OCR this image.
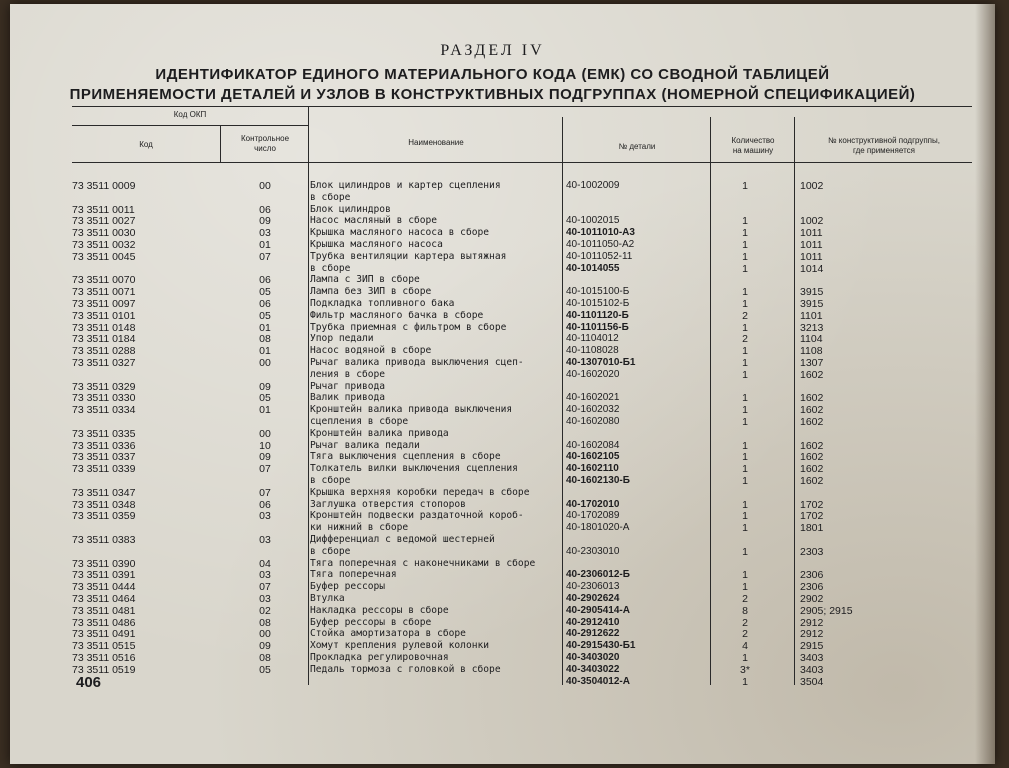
РАЗДЕЛ IV
ИДЕНТИФИКАТОР ЕДИНОГО МАТЕРИАЛЬНОГО КОДА (ЕМК) СО СВОДНОЙ ТАБЛИЦЕЙ
ПРИМЕНЯЕМОСТИ ДЕТАЛЕЙ И УЗЛОВ В КОНСТРУКТИВНЫХ ПОДГРУППАХ (НОМЕРНОЙ СПЕЦИФИКАЦИЕЙ)
Код ОКП
Код
Контрольное
число
Наименование	№ детали
Количество
на машину
№ конструктивной подгруппы,
где применяется
73 3511 0009	00	Блок цилиндров и картер сцепления	40-1002009	1	1002
в сборе
73 3511 0011	06	Блок цилиндров
73 3511 0027	09	Насос масляный в сборе	40-1002015	1	1002
73 3511 0030	03	Крышка масляного насоса в сборе	40-1011010-А3	1	1011
73 3511 0032	01	Крышка масляного насоса	40-1011050-А2	1	1011
73 3511 0045	07	Трубка вентиляции картера вытяжная	40-1011052-11	1	1011
в сборе	40-1014055	1	1014
73 3511 0070	06	Лампа с ЗИП в сборе
73 3511 0071	05	Лампа без ЗИП в сборе	40-1015100-Б	1	3915
73 3511 0097	06	Подкладка топливного бака	40-1015102-Б	1	3915
73 3511 0101	05	Фильтр масляного бачка в сборе	40-1101120-Б	2	1101
73 3511 0148	01	Трубка приемная с фильтром в сборе	40-1101156-Б	1	3213
73 3511 0184	08	Упор педали	40-1104012	2	1104
73 3511 0288	01	Насос водяной в сборе	40-1108028	1	1108
73 3511 0327	00	Рычаг валика привода выключения сцеп-	40-1307010-Б1	1	1307
ления в сборе	40-1602020	1	1602
73 3511 0329	09	Рычаг привода
73 3511 0330	05	Валик привода	40-1602021	1	1602
73 3511 0334	01	Кронштейн валика привода выключения	40-1602032	1	1602
сцепления в сборе	40-1602080	1	1602
73 3511 0335	00	Кронштейн валика привода
73 3511 0336	10	Рычаг валика педали	40-1602084	1	1602
73 3511 0337	09	Тяга выключения сцепления в сборе	40-1602105	1	1602
73 3511 0339	07	Толкатель вилки выключения сцепления	40-1602110	1	1602
в сборе	40-1602130-Б	1	1602
73 3511 0347	07	Крышка верхняя коробки передач в сборе
73 3511 0348	06	Заглушка отверстия стопоров	40-1702010	1	1702
73 3511 0359	03	Кронштейн подвески раздаточной короб-	40-1702089	1	1702
ки нижний в сборе	40-1801020-А	1	1801
73 3511 0383	03	Дифференциал с ведомой шестерней
в сборе	40-2303010	1	2303
73 3511 0390	04	Тяга поперечная с наконечниками в сборе
73 3511 0391	03	Тяга поперечная	40-2306012-Б	1	2306
73 3511 0444	07	Буфер рессоры	40-2306013	1	2306
73 3511 0464	03	Втулка	40-2902624	2	2902
73 3511 0481	02	Накладка рессоры в сборе	40-2905414-А	8	2905; 2915
73 3511 0486	08	Буфер рессоры в сборе	40-2912410	2	2912
73 3511 0491	00	Стойка амортизатора в сборе	40-2912622	2	2912
73 3511 0515	09	Хомут крепления рулевой колонки	40-2915430-Б1	4	2915
73 3511 0516	08	Прокладка регулировочная	40-3403020	1	3403
73 3511 0519	05	Педаль тормоза с головкой в сборе	40-3403022	3*	3403
40-3504012-А	1	3504
406
